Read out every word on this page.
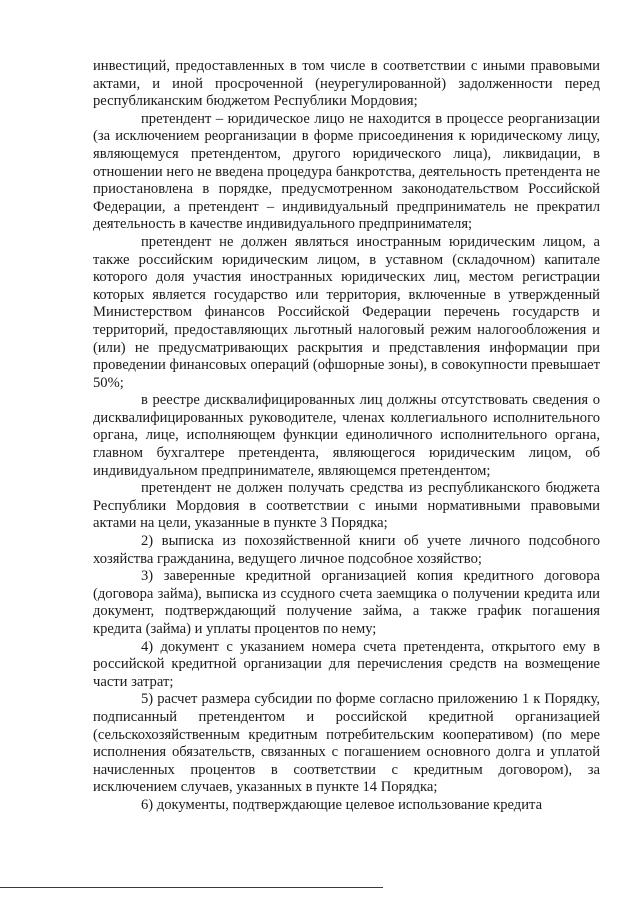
инвестиций, предоставленных в том числе в соответствии с иными правовыми актами, и иной просроченной (неурегулированной) задолженности перед республиканским бюджетом Республики Мордовия;

претендент – юридическое лицо не находится в процессе реорганизации (за исключением реорганизации в форме присоединения к юридическому лицу, являющемуся претендентом, другого юридического лица), ликвидации, в отношении него не введена процедура банкротства, деятельность претендента не приостановлена в порядке, предусмотренном законодательством Российской Федерации, а претендент – индивидуальный предприниматель не прекратил деятельность в качестве индивидуального предпринимателя;

претендент не должен являться иностранным юридическим лицом, а также российским юридическим лицом, в уставном (складочном) капитале которого доля участия иностранных юридических лиц, местом регистрации которых является государство или территория, включенные в утвержденный Министерством финансов Российской Федерации перечень государств и территорий, предоставляющих льготный налоговый режим налогообложения и (или) не предусматривающих раскрытия и представления информации при проведении финансовых операций (офшорные зоны), в совокупности превышает 50%;

в реестре дисквалифицированных лиц должны отсутствовать сведения о дисквалифицированных руководителе, членах коллегиального исполнительного органа, лице, исполняющем функции единоличного исполнительного органа, главном бухгалтере претендента, являющегося юридическим лицом, об индивидуальном предпринимателе, являющемся претендентом;

претендент не должен получать средства из республиканского бюджета Республики Мордовия в соответствии с иными нормативными правовыми актами на цели, указанные в пункте 3 Порядка;

2) выписка из похозяйственной книги об учете личного подсобного хозяйства гражданина, ведущего личное подсобное хозяйство;

3) заверенные кредитной организацией копия кредитного договора (договора займа), выписка из ссудного счета заемщика о получении кредита или документ, подтверждающий получение займа, а также график погашения кредита (займа) и уплаты процентов по нему;

4) документ с указанием номера счета претендента, открытого ему в российской кредитной организации для перечисления средств на возмещение части затрат;

5) расчет размера субсидии по форме согласно приложению 1 к Порядку, подписанный претендентом и российской кредитной организацией (сельскохозяйственным кредитным потребительским кооперативом) (по мере исполнения обязательств, связанных с погашением основного долга и уплатой начисленных процентов в соответствии с кредитным договором), за исключением случаев, указанных в пункте 14 Порядка;

6) документы, подтверждающие целевое использование кредита
